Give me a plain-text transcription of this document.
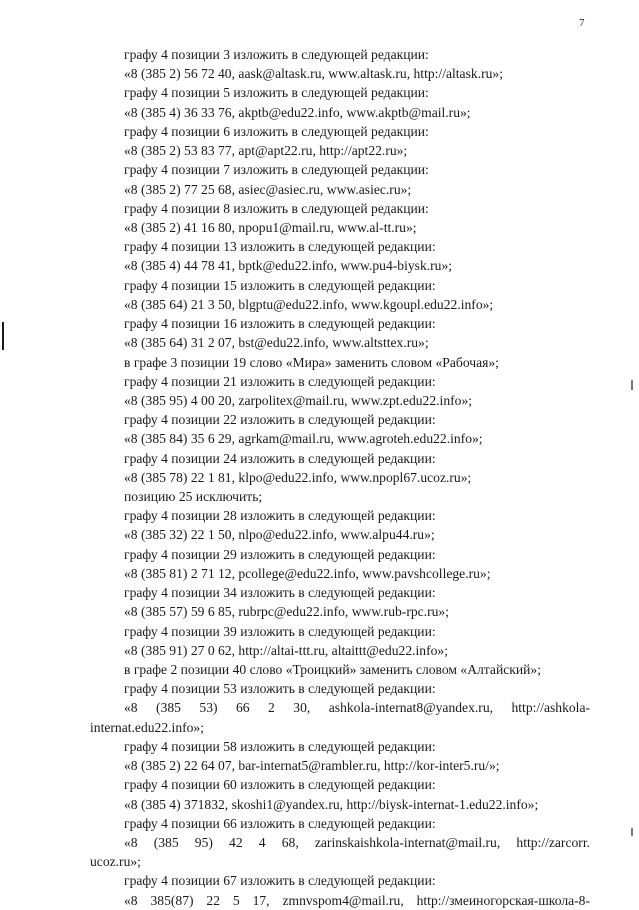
7
графу 4 позиции 3 изложить в следующей редакции:
«8 (385 2) 56 72 40, aask@altask.ru, www.altask.ru, http://altask.ru»;
графу 4 позиции 5 изложить в следующей редакции:
«8 (385 4) 36 33 76, akptb@edu22.info, www.akptb@mail.ru»;
графу 4 позиции 6 изложить в следующей редакции:
«8 (385 2) 53 83 77, apt@apt22.ru, http://apt22.ru»;
графу 4 позиции 7 изложить в следующей редакции:
«8 (385 2) 77 25 68, asiec@asiec.ru, www.asiec.ru»;
графу 4 позиции 8 изложить в следующей редакции:
«8 (385 2) 41 16 80, npopu1@mail.ru, www.al-tt.ru»;
графу 4 позиции 13 изложить в следующей редакции:
«8 (385 4) 44 78 41, bptk@edu22.info, www.pu4-biysk.ru»;
графу 4 позиции 15 изложить в следующей редакции:
«8 (385 64) 21 3 50, blgptu@edu22.info, www.kgoupl.edu22.info»;
графу 4 позиции 16 изложить в следующей редакции:
«8 (385 64) 31 2 07, bst@edu22.info, www.altsttex.ru»;
в графе 3 позиции 19 слово «Мира» заменить словом «Рабочая»;
графу 4 позиции 21 изложить в следующей редакции:
«8 (385 95) 4 00 20, zarpolitex@mail.ru, www.zpt.edu22.info»;
графу 4 позиции 22 изложить в следующей редакции:
«8 (385 84) 35 6 29, agrkam@mail.ru, www.agroteh.edu22.info»;
графу 4 позиции 24 изложить в следующей редакции:
«8 (385 78) 22 1 81, klpo@edu22.info, www.npopl67.ucoz.ru»;
позицию 25 исключить;
графу 4 позиции 28 изложить в следующей редакции:
«8 (385 32) 22 1 50, nlpo@edu22.info, www.alpu44.ru»;
графу 4 позиции 29 изложить в следующей редакции:
«8 (385 81) 2 71 12, pcollege@edu22.info, www.pavshcollege.ru»;
графу 4 позиции 34 изложить в следующей редакции:
«8 (385 57) 59 6 85, rubrpc@edu22.info, www.rub-rpc.ru»;
графу 4 позиции 39 изложить в следующей редакции:
«8 (385 91) 27 0 62, http://altai-ttt.ru, altaittt@edu22.info»;
в графе 2 позиции 40 слово «Троицкий» заменить словом «Алтайский»;
графу 4 позиции 53 изложить в следующей редакции:
«8 (385 53) 66 2 30, ashkola-internat8@yandex.ru, http://ashkola-
internat.edu22.info»;
графу 4 позиции 58 изложить в следующей редакции:
«8 (385 2) 22 64 07, bar-internat5@rambler.ru, http://kor-inter5.ru/»;
графу 4 позиции 60 изложить в следующей редакции:
«8 (385 4) 371832, skoshi1@yandex.ru, http://biysk-internat-1.edu22.info»;
графу 4 позиции 66 изложить в следующей редакции:
«8 (385 95) 42 4 68, zarinskaishkola-internat@mail.ru, http://zarcorr.
ucoz.ru»;
графу 4 позиции 67 изложить в следующей редакции:
«8 385(87) 22 5 17, zmnvspom4@mail.ru, http://змеиногорская-школа-8-
